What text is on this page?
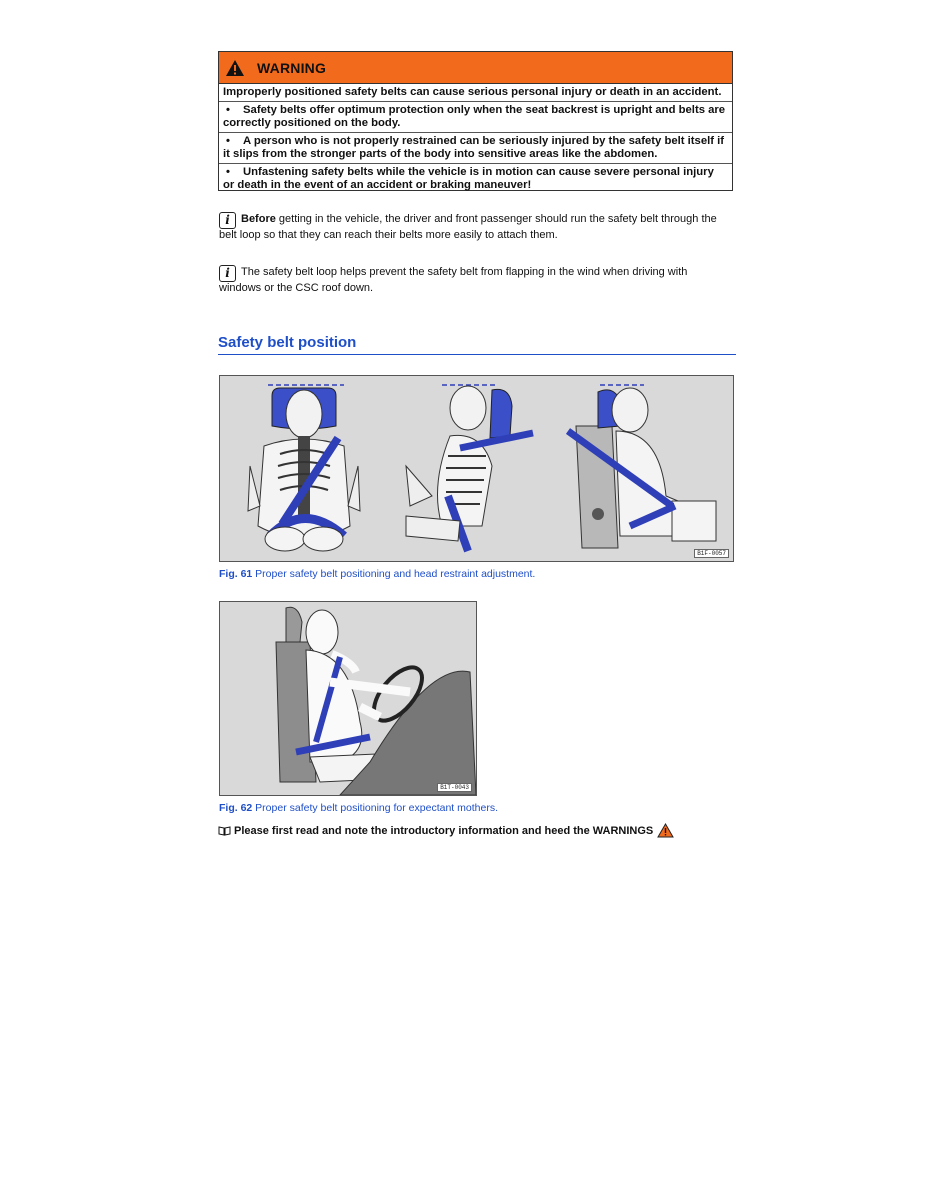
WARNING
Improperly positioned safety belts can cause serious personal injury or death in an accident.
• Safety belts offer optimum protection only when the seat backrest is upright and belts are correctly positioned on the body.
• A person who is not properly restrained can be seriously injured by the safety belt itself if it slips from the stronger parts of the body into sensitive areas like the abdomen.
• Unfastening safety belts while the vehicle is in motion can cause severe personal injury or death in the event of an accident or braking maneuver!
i Before getting in the vehicle, the driver and front passenger should run the safety belt through the belt loop so that they can reach their belts more easily to attach them.
i The safety belt loop helps prevent the safety belt from flapping in the wind when driving with windows or the CSC roof down.
Safety belt position
B1F-0057
Fig. 61 Proper safety belt positioning and head restraint adjustment.
B1T-0043
Fig. 62 Proper safety belt positioning for expectant mothers.
Please first read and note the introductory information and heed the WARNINGS
